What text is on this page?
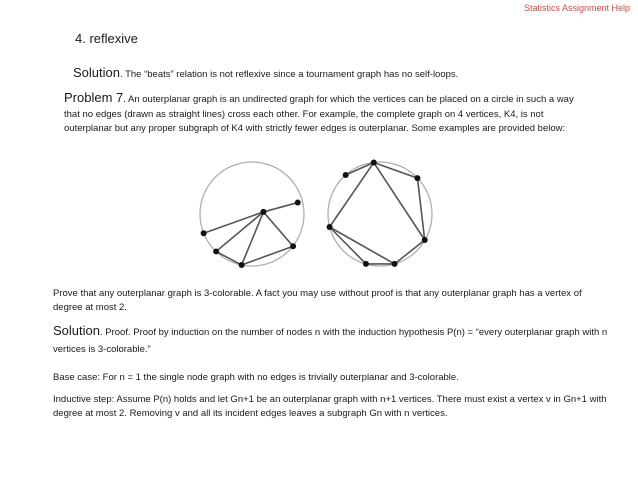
Statistics Assignment Help
4. reflexive
Solution. The “beats” relation is not reflexive since a tournament graph has no self-loops.
Problem 7. An outerplanar graph is an undirected graph for which the vertices can be placed on a circle in such a way that no edges (drawn as straight lines) cross each other. For example, the complete graph on 4 vertices, K4, is not outerplanar but any proper subgraph of K4 with strictly fewer edges is outerplanar. Some examples are provided below:
Prove that any outerplanar graph is 3-colorable. A fact you may use without proof is that any outerplanar graph has a vertex of degree at most 2.
Solution. Proof. Proof by induction on the number of nodes n with the induction hypothesis P(n) = “every outerplanar graph with n vertices is 3-colorable.”
Base case: For n = 1 the single node graph with no edges is trivially outerplanar and 3-colorable.
Inductive step: Assume P(n) holds and let Gn+1 be an outerplanar graph with n+1 vertices. There must exist a vertex v in Gn+1 with degree at most 2. Removing v and all its incident edges leaves a subgraph Gn with n vertices.
